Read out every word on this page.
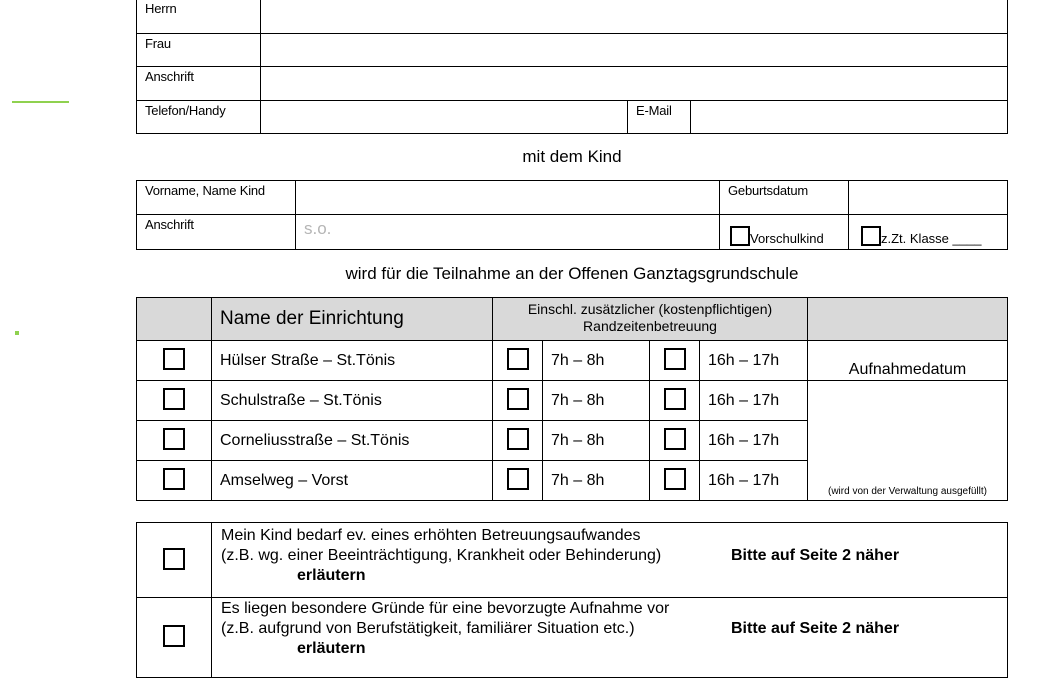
Herrn			
Frau			
Anschrift			
Telefon/Handy		E-Mail	
mit dem Kind
Vorname, Name Kind		Geburtsdatum	
Anschrift	s.o.	Vorschulkind	z.Zt. Klasse ____
wird für die Teilnahme an der Offenen Ganztagsgrundschule
	Name der Einrichtung	Einschl. zusätzlicher (kostenpflichtigen)
Randzeitenbetreuung				

	Hülser Straße – St.Tönis		7h – 8h		16h – 17h	Aufnahmedatum
	Schulstraße – St.Tönis		7h – 8h		16h – 17h	(wird von der Verwaltung ausgefüllt)
	Corneliusstraße – St.Tönis		7h – 8h		16h – 17h	
	Amselweg – Vorst		7h – 8h		16h – 17h	

	Mein Kind bedarf ev. eines erhöhten Betreuungsaufwandes
(z.B. wg. einer Beeinträchtigung, Krankheit oder Behinderung)
erläutern
Bitte auf Seite 2 näher

	Es liegen besondere Gründe für eine bevorzugte Aufnahme vor
(z.B. aufgrund von Berufstätigkeit, familiärer Situation etc.)
erläutern
Bitte auf Seite 2 näher
